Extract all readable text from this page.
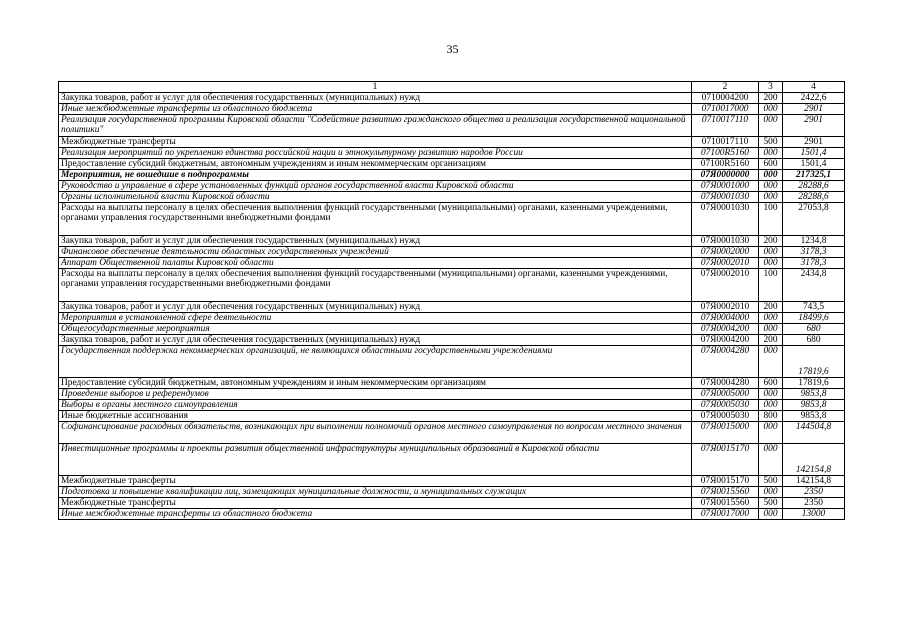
35
1	2	3	4
Закупка товаров, работ и услуг для обеспечения государственных (муниципальных) нужд	0710004200	200	2422,6
Иные межбюджетные трансферты из областного бюджета	0710017000	000	2901
Реализация государственной программы Кировской области "Содействие развитию гражданского общества и реализация государственной национальной политики"	0710017110	000	2901
Межбюджетные трансферты	0710017110	500	2901
Реализация мероприятий по укреплению единства российской нации и этнокультурному развитию народов России	07100R5160	000	1501,4
Предоставление субсидий бюджетным, автономным учреждениям и иным некоммерческим организациям	07100R5160	600	1501,4
Мероприятия, не вошедшие в подпрограммы	07Я0000000	000	217325,1
Руководство и управление в сфере установленных функций органов государственной власти Кировской области	07Я0001000	000	28288,6
Органы исполнительной власти Кировской области	07Я0001030	000	28288,6
Расходы на выплаты персоналу в целях обеспечения выполнения функций государственными (муниципальными) органами, казенными учреждениями, органами управления государственными внебюджетными фондами	07Я0001030	100	27053,8
Закупка товаров, работ и услуг для обеспечения государственных (муниципальных) нужд	07Я0001030	200	1234,8
Финансовое обеспечение деятельности областных государственных учреждений	07Я0002000	000	3178,3
Аппарат Общественной палаты Кировской области	07Я0002010	000	3178,3
Расходы на выплаты персоналу в целях обеспечения выполнения функций государственными (муниципальными) органами, казенными учреждениями, органами управления государственными внебюджетными фондами	07Я0002010	100	2434,8
Закупка товаров, работ и услуг для обеспечения государственных (муниципальных) нужд	07Я0002010	200	743,5
Мероприятия в установленной сфере деятельности	07Я0004000	000	18499,6
Общегосударственные мероприятия	07Я0004200	000	680
Закупка товаров, работ и услуг для обеспечения государственных (муниципальных) нужд	07Я0004200	200	680
Государственная поддержка некоммерческих организаций, не являющихся областными государственными учреждениями	07Я0004280	000	17819,6
Предоставление субсидий бюджетным, автономным учреждениям и иным некоммерческим организациям	07Я0004280	600	17819,6
Проведение выборов и референдумов	07Я0005000	000	9853,8
Выборы в органы местного самоуправления	07Я0005030	000	9853,8
Иные бюджетные ассигнования	07Я0005030	800	9853,8
Софинансирование расходных обязательств, возникающих при выполнении полномочий органов местного самоуправления по вопросам местного значения	07Я0015000	000	144504,8
Инвестиционные программы и проекты развития общественной инфраструктуры муниципальных образований в Кировской области	07Я0015170	000	142154,8
Межбюджетные трансферты	07Я0015170	500	142154,8
Подготовка и повышение квалификации лиц, замещающих муниципальные должности, и муниципальных служащих	07Я0015560	000	2350
Межбюджетные трансферты	07Я0015560	500	2350
Иные межбюджетные трансферты из областного бюджета	07Я0017000	000	13000
